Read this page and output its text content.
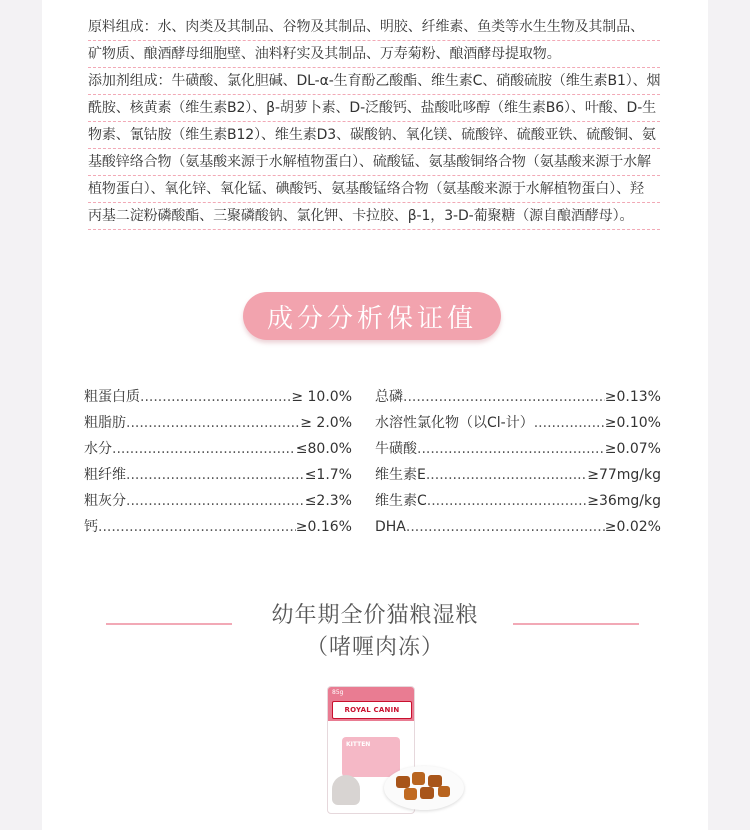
原料组成：水、肉类及其制品、谷物及其制品、明胶、纤维素、鱼类等水生生物及其制品、
矿物质、酿酒酵母细胞壁、油料籽实及其制品、万寿菊粉、酿酒酵母提取物。
添加剂组成：牛磺酸、氯化胆碱、DL-α-生育酚乙酸酯、维生素C、硝酸硫胺（维生素B1）、烟
酰胺、核黄素（维生素B2）、β-胡萝卜素、D-泛酸钙、盐酸吡哆醇（维生素B6）、叶酸、D-生
物素、氰钴胺（维生素B12）、维生素D3、碳酸钠、氧化镁、硫酸锌、硫酸亚铁、硫酸铜、氨
基酸锌络合物（氨基酸来源于水解植物蛋白）、硫酸锰、氨基酸铜络合物（氨基酸来源于水解
植物蛋白）、氧化锌、氧化锰、碘酸钙、氨基酸锰络合物（氨基酸来源于水解植物蛋白）、羟
丙基二淀粉磷酸酯、三聚磷酸钠、氯化钾、卡拉胶、β-1，3-D-葡聚糖（源自酿酒酵母）。
成分分析保证值
粗蛋白质 .....	≥ 10.0%
粗脂肪 .....	≥ 2.0%
水分 .....	≤80.0%
粗纤维 .....	≤1.7%
粗灰分 .....	≤2.3%
钙 .....	≥0.16%
总磷 .....	≥0.13%
水溶性氯化物（以Cl-计） .....	≥0.10%
牛磺酸 .....	≥0.07%
维生素E .....	≥77mg/kg
维生素C .....	≥36mg/kg
DHA .....	≥0.02%
幼年期全价猫粮湿粮
（啫喱肉冻）
85g
ROYAL CANIN
KITTEN
